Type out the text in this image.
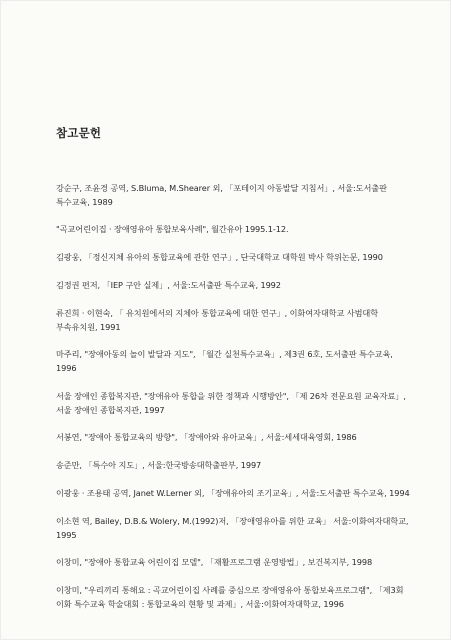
참고문헌

강순구, 조윤경 공역, S.Bluma, M.Shearer 외, 「포테이지 아동발달 지침서」, 서울:도서출판 특수교육, 1989

"곡교어린이집 · 장애영유아 통합보육사례", 월간유아 1995.1-12.

김광웅, 「정신지체 유아의 통합교육에 관한 연구」, 단국대학교 대학원 박사 학위논문, 1990

김정권 편저, 「IEP 구안 실제」, 서울:도서출판 특수교육, 1992

류진희 · 이현숙, 「 유치원에서의 지체아 통합교육에 대한 연구」, 이화여자대학교 사범대학 부속유치원, 1991

마주리, "장애아동의 놀이 발달과 지도", 「월간 실천특수교육」, 제3권 6호, 도서출판 특수교육, 1996

서울 장애인 종합복지관, "장애유아 통합을 위한 정책과 시행방안", 「제 26차 전문요원 교육자료」, 서울 장애인 종합복지관, 1997

서봉연, "장애아 통합교육의 방향", 「장애아와 유아교육」, 서울:세세대육영회, 1986

송준만, 「특수아 지도」, 서울:한국방송대학출판부, 1997

이광웅 · 조용태 공역, Janet W.Lerner 외, 「장애유아의 조기교육」, 서울:도서출판 특수교육, 1994

이소현 역, Bailey, D.B.& Wolery, M.(1992)저, 「장애영유아를 위한 교육」 서울:이화여자대학교, 1995

이창미, "장애아 통합교육 어린이집 모델", 「재활프로그램 운영방법」, 보건복지부, 1998

이창미, "우리끼리 통해요 : 곡교어린이집 사례를 중심으로 장애영유아 통합보육프로그램", 「제3회 이화 특수교육 학술대회 : 통합교육의 현황 및 과제」, 서울:이화여자대학교, 1996
